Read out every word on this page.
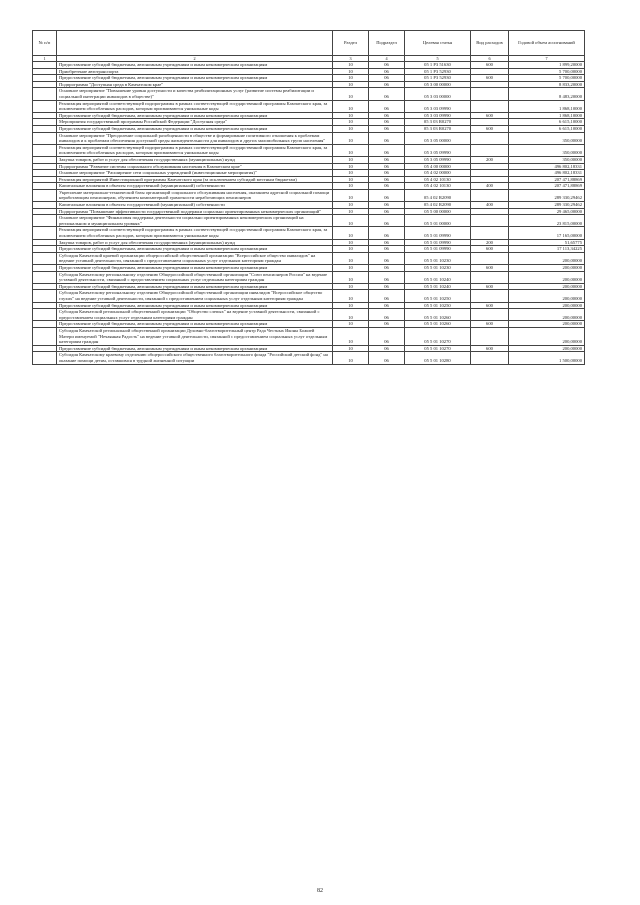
№ п/п		Раздел	Подраздел	Целевая статья	Вид расходов	Годовой объем ассигнований
1	2	3	4	5	6	7
	Предоставление субсидий бюджетным, автономным учреждениям и иным некоммерческим организациям	10	06	05 1 P3 51630	600	1 899,20000
	Приобретение автотранспорта	10	06	05 1 P3 52930		5 700,00000
	Предоставление субсидий бюджетным, автономным учреждениям и иным некоммерческим организациям	10	06	05 1 P3 52930	600	5 700,00000
	Подпрограмма "Доступная среда в Камчатском крае"	10	06	05 3 00 00000		8 833,20000
	Основное мероприятие "Повышение уровня доступности и качества реабилитационных услуг (развитие системы реабилитации и социальной интеграции инвалидов в обществе)"	10	06	05 3 03 00000		8 483,20000
	Реализация мероприятий соответствующей подпрограммы в рамках соответствующей государственной программы Камчатского края, за исключением обособленных расходов, которым присваиваются уникальные коды	10	06	05 3 03 09990		1 868,10000
	Предоставление субсидий бюджетным, автономным учреждениям и иным некоммерческим организациям	10	06	05 3 03 09990	600	1 868,10000
	Мероприятия государственной программы Российской Федерации "Доступная среда"	10	06	05 3 03 R0270		6 615,10000
	Предоставление субсидий бюджетным, автономным учреждениям и иным некоммерческим организациям	10	06	05 3 03 R0270	600	6 615,10000
	Основное мероприятие "Преодоление социальной разобщенности в обществе и формирование позитивного отношения к проблемам инвалидов и к проблемам обеспечения доступной среды жизнедеятельности для инвалидов и других маломобильных групп населения"	10	06	05 3 05 00000		350,00000
	Реализация мероприятий соответствующей подпрограммы в рамках соответствующей государственной программы Камчатского края, за исключением обособленных расходов, которым присваиваются уникальные коды	10	06	05 3 05 09990		350,00000
	Закупка товаров, работ и услуг для обеспечения государственных (муниципальных) нужд	10	06	05 3 05 09990	200	350,00000
	Подпрограмма "Развитие системы социального обслуживания населения в Камчатском крае"	10	06	05 4 00 00000		496 802,18331
	Основное мероприятие "Расширение сети социальных учреждений (инвестиционные мероприятия)"	10	06	05 4 02 00000		496 802,18331
	Реализация мероприятий Инвестиционной программы Камчатского края (за исключением субсидий местным бюджетам)	10	06	05 4 02 10130		207 471,88869
	Капитальные вложения в объекты государственной (муниципальной) собственности	10	06	05 4 02 10130	400	207 471,88869
	Укрепление материально-технической базы организаций социального обслуживания населения, оказанием адресной социальной помощи неработающим пенсионерам, обучением компьютерной грамотности неработающих пенсионеров	10	06	05 4 02 R2090		289 330,29462
	Капитальные вложения в объекты государственной (муниципальной) собственности	10	06	05 4 02 R2090	400	289 330,29462
	Подпрограмма "Повышение эффективности государственной поддержки социально ориентированных некоммерческих организаций"	10	06	05 5 00 00000		29 465,00000
	Основное мероприятие "Финансовая поддержка деятельности социально ориентированных некоммерческих организаций на региональном и муниципальном уровнях"	10	06	05 5 01 00000		23 815,00000
	Реализация мероприятий соответствующей подпрограммы в рамках соответствующей государственной программы Камчатского края, за исключением обособленных расходов, которым присваиваются уникальные коды	10	06	05 5 01 09990		17 165,00000
	Закупка товаров, работ и услуг для обеспечения государственных (муниципальных) нужд	10	06	05 5 01 09990	200	51,65775
	Предоставление субсидий бюджетным, автономным учреждениям и иным некоммерческим организациям	10	06	05 5 01 09990	600	17 113,34225
	Субсидия Камчатской краевой организации общероссийской общественной организации "Всероссийское общество инвалидов" на ведение уставной деятельности, связанной с предоставлением социальных услуг отдельным категориям граждан	10	06	05 5 01 10230		200,00000
	Предоставление субсидий бюджетным, автономным учреждениям и иным некоммерческим организациям	10	06	05 5 01 10230	600	200,00000
	Субсидия Камчатскому региональному отделению Общероссийской общественной организации "Союз пенсионеров России" на ведение уставной деятельности, связанной с предоставлением социальных услуг отдельным категориям граждан	10	06	05 5 01 10240		200,00000
	Предоставление субсидий бюджетным, автономным учреждениям и иным некоммерческим организациям	10	06	05 5 01 10240	600	200,00000
	Субсидия Камчатскому региональному отделению Общероссийской общественной организации инвалидов "Всероссийское общество глухих" на ведение уставной деятельности, связанной с предоставлением социальных услуг отдельным категориям граждан	10	06	05 5 01 10250		200,00000
	Предоставление субсидий бюджетным, автономным учреждениям и иным некоммерческим организациям	10	06	05 5 01 10250	600	200,00000
	Субсидия Камчатской региональной общественной организации "Общество слепых" на ведение уставной деятельности, связанной с предоставлением социальных услуг отдельным категориям граждан	10	06	05 5 01 10260		200,00000
	Предоставление субсидий бюджетным, автономным учреждениям и иным некоммерческим организациям	10	06	05 5 01 10260	600	200,00000
	Субсидия Камчатской региональной общественной организации Духовно-благотворительный центр Рада Честных Иконы Божией Матери именуемой "Нечаянная Радость" на ведение уставной деятельности, связанной с предоставлением социальных услуг отдельным категориям граждан	10	06	05 5 01 10270		200,00000
	Предоставление субсидий бюджетным, автономным учреждениям и иным некоммерческим организациям	10	06	05 5 01 10270	600	200,00000
	Субсидия Камчатскому краевому отделению общероссийского общественного благотворительного фонда "Российский детский фонд" на оказание помощи детям, оставшимся в трудной жизненной ситуации	10	06	05 5 01 10280		1 500,00000
82
